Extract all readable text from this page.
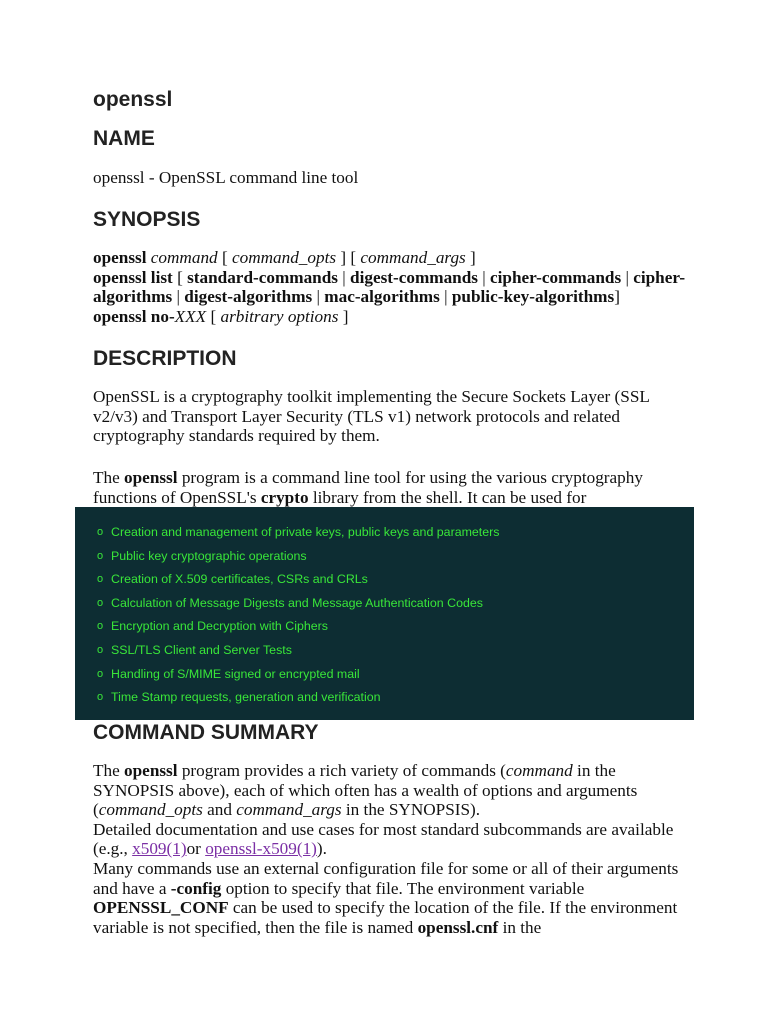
openssl
NAME

openssl - OpenSSL command line tool

SYNOPSIS

openssl command [ command_opts ] [ command_args ]
openssl list [ standard-commands | digest-commands | cipher-commands | cipher-algorithms | digest-algorithms | mac-algorithms | public-key-algorithms]
openssl no-XXX [ arbitrary options ]

DESCRIPTION

OpenSSL is a cryptography toolkit implementing the Secure Sockets Layer (SSL v2/v3) and Transport Layer Security (TLS v1) network protocols and related cryptography standards required by them.

The openssl program is a command line tool for using the various cryptography functions of OpenSSL's crypto library from the shell. It can be used for

o Creation and management of private keys, public keys and parameters
o Public key cryptographic operations
o Creation of X.509 certificates, CSRs and CRLs
o Calculation of Message Digests and Message Authentication Codes
o Encryption and Decryption with Ciphers
o SSL/TLS Client and Server Tests
o Handling of S/MIME signed or encrypted mail
o Time Stamp requests, generation and verification
COMMAND SUMMARY

The openssl program provides a rich variety of commands (command in the SYNOPSIS above), each of which often has a wealth of options and arguments (command_opts and command_args in the SYNOPSIS).
Detailed documentation and use cases for most standard subcommands are available (e.g., x509(1)or openssl-x509(1)).
Many commands use an external configuration file for some or all of their arguments and have a -config option to specify that file. The environment variable OPENSSL_CONF can be used to specify the location of the file. If the environment variable is not specified, then the file is named openssl.cnf in the
